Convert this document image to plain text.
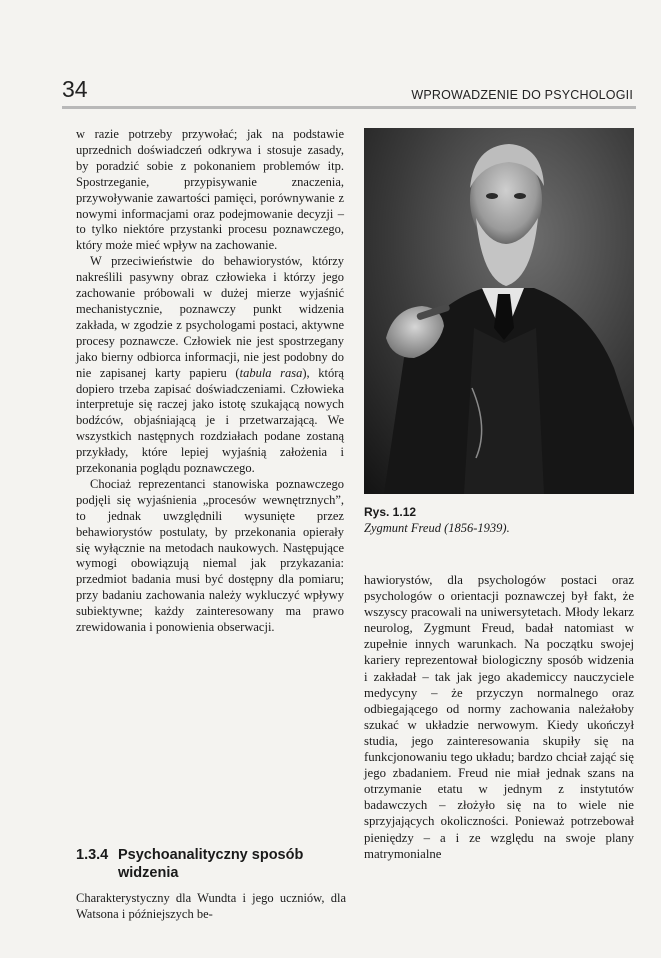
34	WPROWADZENIE DO PSYCHOLOGII

w razie potrzeby przywołać; jak na podstawie uprzednich doświadczeń odkrywa i stosuje zasady, by poradzić sobie z pokonaniem problemów itp. Spostrzeganie, przypisywanie znaczenia, przywoływanie zawartości pamięci, porównywanie z nowymi informacjami oraz podejmowanie decyzji – to tylko niektóre przystanki procesu poznawczego, który może mieć wpływ na zachowanie.

W przeciwieństwie do behawiorystów, którzy nakreślili pasywny obraz człowieka i którzy jego zachowanie próbowali w dużej mierze wyjaśnić mechanistycznie, poznawczy punkt widzenia zakłada, w zgodzie z psychologami postaci, aktywne procesy poznawcze. Człowiek nie jest spostrzegany jako bierny odbiorca informacji, nie jest podobny do nie zapisanej karty papieru (tabula rasa), którą dopiero trzeba zapisać doświadczeniami. Człowieka interpretuje się raczej jako istotę szukającą nowych bodźców, objaśniającą je i przetwarzającą. We wszystkich następnych rozdziałach podane zostaną przykłady, które lepiej wyjaśnią założenia i przekonania poglądu poznawczego.

Chociaż reprezentanci stanowiska poznawczego podjęli się wyjaśnienia „procesów wewnętrznych”, to jednak uwzględnili wysunięte przez behawiorystów postulaty, by przekonania opierały się wyłącznie na metodach naukowych. Następujące wymogi obowiązują niemal jak przykazania: przedmiot badania musi być dostępny dla pomiaru; przy badaniu zachowania należy wykluczyć wpływy subiektywne; każdy zainteresowany ma prawo zrewidowania i ponowienia obserwacji.

1.3.4 Psychoanalityczny sposób
widzenia

Charakterystyczny dla Wundta i jego uczniów, dla Watsona i późniejszych be-

Rys. 1.12
Zygmunt Freud (1856-1939).

hawiorystów, dla psychologów postaci oraz psychologów o orientacji poznawczej był fakt, że wszyscy pracowali na uniwersytetach. Młody lekarz neurolog, Zygmunt Freud, badał natomiast w zupełnie innych warunkach. Na początku swojej kariery reprezentował biologiczny sposób widzenia i zakładał – tak jak jego akademiccy nauczyciele medycyny – że przyczyn normalnego oraz odbiegającego od normy zachowania należałoby szukać w układzie nerwowym. Kiedy ukończył studia, jego zainteresowania skupiły się na funkcjonowaniu tego układu; bardzo chciał zająć się jego zbadaniem. Freud nie miał jednak szans na otrzymanie etatu w jednym z instytutów badawczych – złożyło się na to wiele nie sprzyjających okoliczności. Ponieważ potrzebował pieniędzy – a i ze względu na swoje plany matrymonialne
